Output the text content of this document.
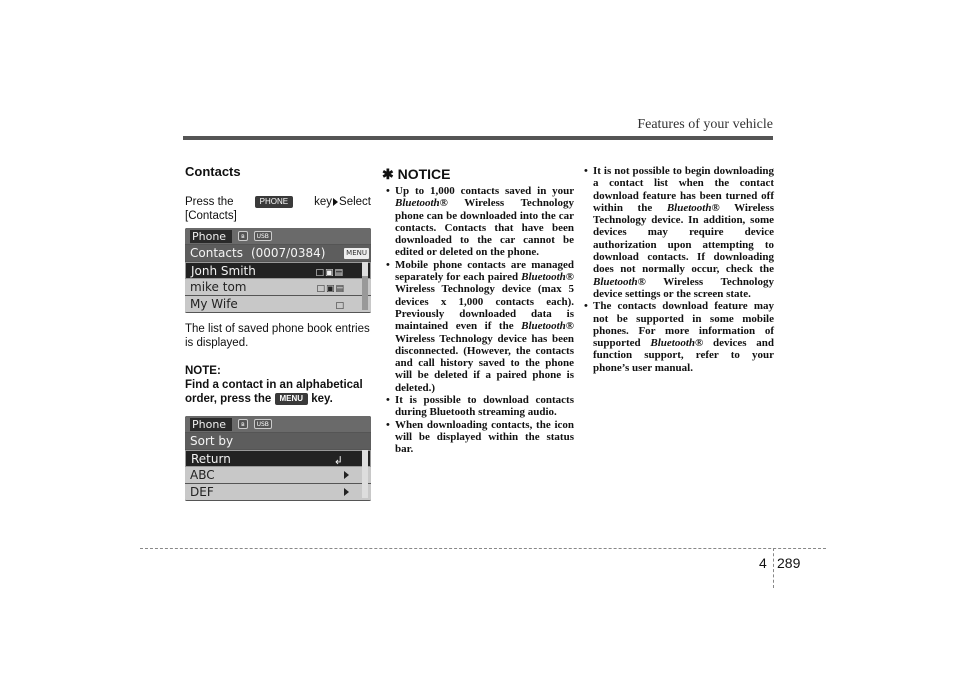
Features of your vehicle
Contacts
Press the	PHONE	key Select
[Contacts]
Phone	ʙ	USB
Contacts (0007/0384)	MENU
Jonh Smith	□▣▤
mike tom	□▣▤
My Wife	□
The list of saved phone book entries is displayed.
NOTE:
Find a contact in an alphabetical order, press the MENU key.
Phone	ʙ	USB
Sort by
Return	↲
ABC
DEF
✱ NOTICE
• Up to 1,000 contacts saved in your Bluetooth® Wireless Technology phone can be downloaded into the car contacts. Contacts that have been downloaded to the car cannot be edited or deleted on the phone.
• Mobile phone contacts are managed separately for each paired Bluetooth® Wireless Technology device (max 5 devices x 1,000 contacts each). Previously downloaded data is maintained even if the Bluetooth® Wireless Technology device has been disconnected. (However, the contacts and call history saved to the phone will be deleted if a paired phone is deleted.)
• It is possible to download contacts during Bluetooth streaming audio.
• When downloading contacts, the icon will be displayed within the status bar.
• It is not possible to begin downloading a contact list when the contact download feature has been turned off within the Bluetooth® Wireless Technology device. In addition, some devices may require device authorization upon attempting to download contacts. If downloading does not normally occur, check the Bluetooth® Wireless Technology device settings or the screen state.
• The contacts download feature may not be supported in some mobile phones. For more information of supported Bluetooth® devices and function support, refer to your phone’s user manual.
4 289
